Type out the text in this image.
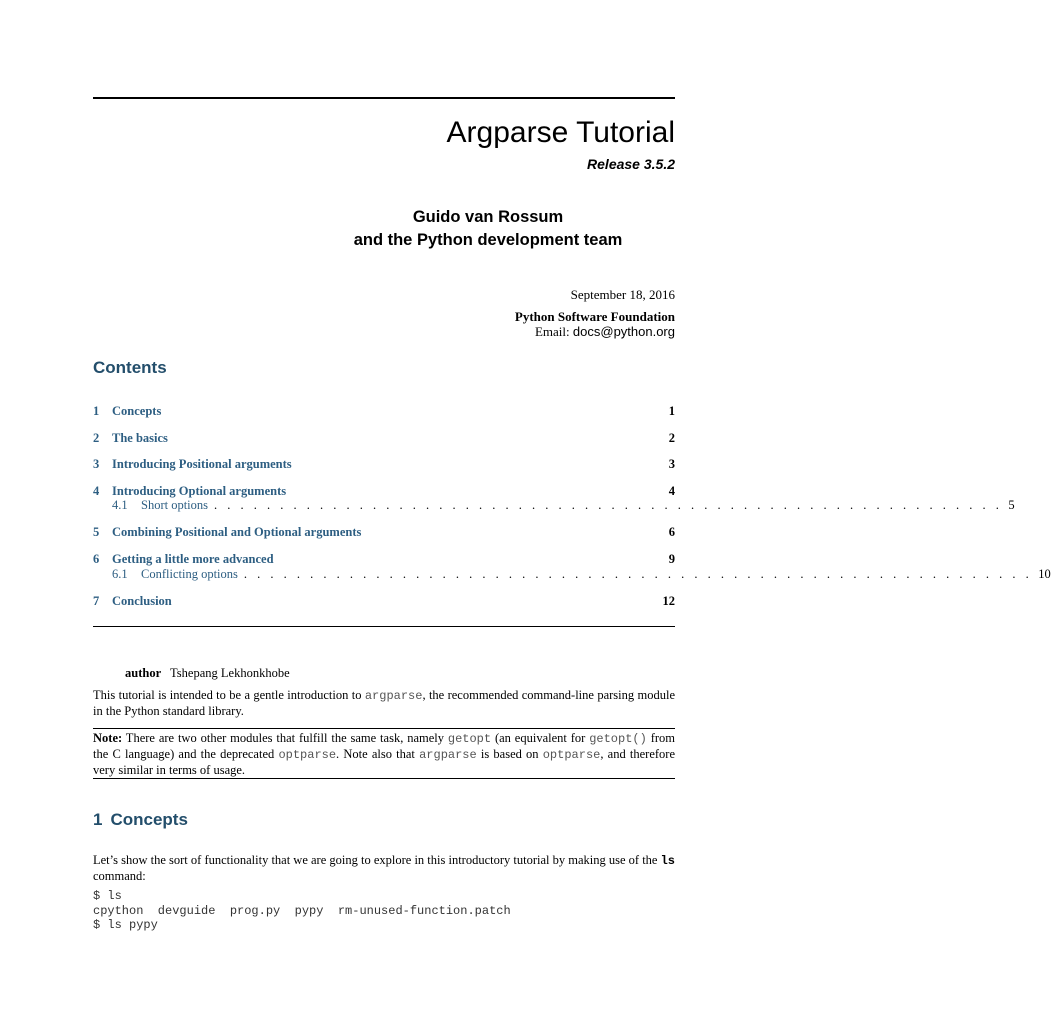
Argparse Tutorial
Release 3.5.2
Guido van Rossum
and the Python development team
September 18, 2016
Python Software Foundation
Email: docs@python.org
Contents
1 Concepts	1
2 The basics	2
3 Introducing Positional arguments	3
4 Introducing Optional arguments	4
4.1	Short options . . . . . . . . . . . . . . . . . . . . . . . . . . . . . . . . . . . . . . . . . . . . . . . . . . . . . . . . . . . . 5
5 Combining Positional and Optional arguments	6
6 Getting a little more advanced	9
6.1	Conflicting options . . . . . . . . . . . . . . . . . . . . . . . . . . . . . . . . . . . . . . . . . . . . . . . . . . . . . . . . . . . . 10
7 Conclusion	12
author Tshepang Lekhonkhobe
This tutorial is intended to be a gentle introduction to argparse, the recommended command-line parsing module in the Python standard library.
Note: There are two other modules that fulfill the same task, namely getopt (an equivalent for getopt() from the C language) and the deprecated optparse. Note also that argparse is based on optparse, and therefore very similar in terms of usage.
1 Concepts
Let’s show the sort of functionality that we are going to explore in this introductory tutorial by making use of the ls command:
$ ls
cpython  devguide  prog.py  pypy  rm-unused-function.patch
$ ls pypy
